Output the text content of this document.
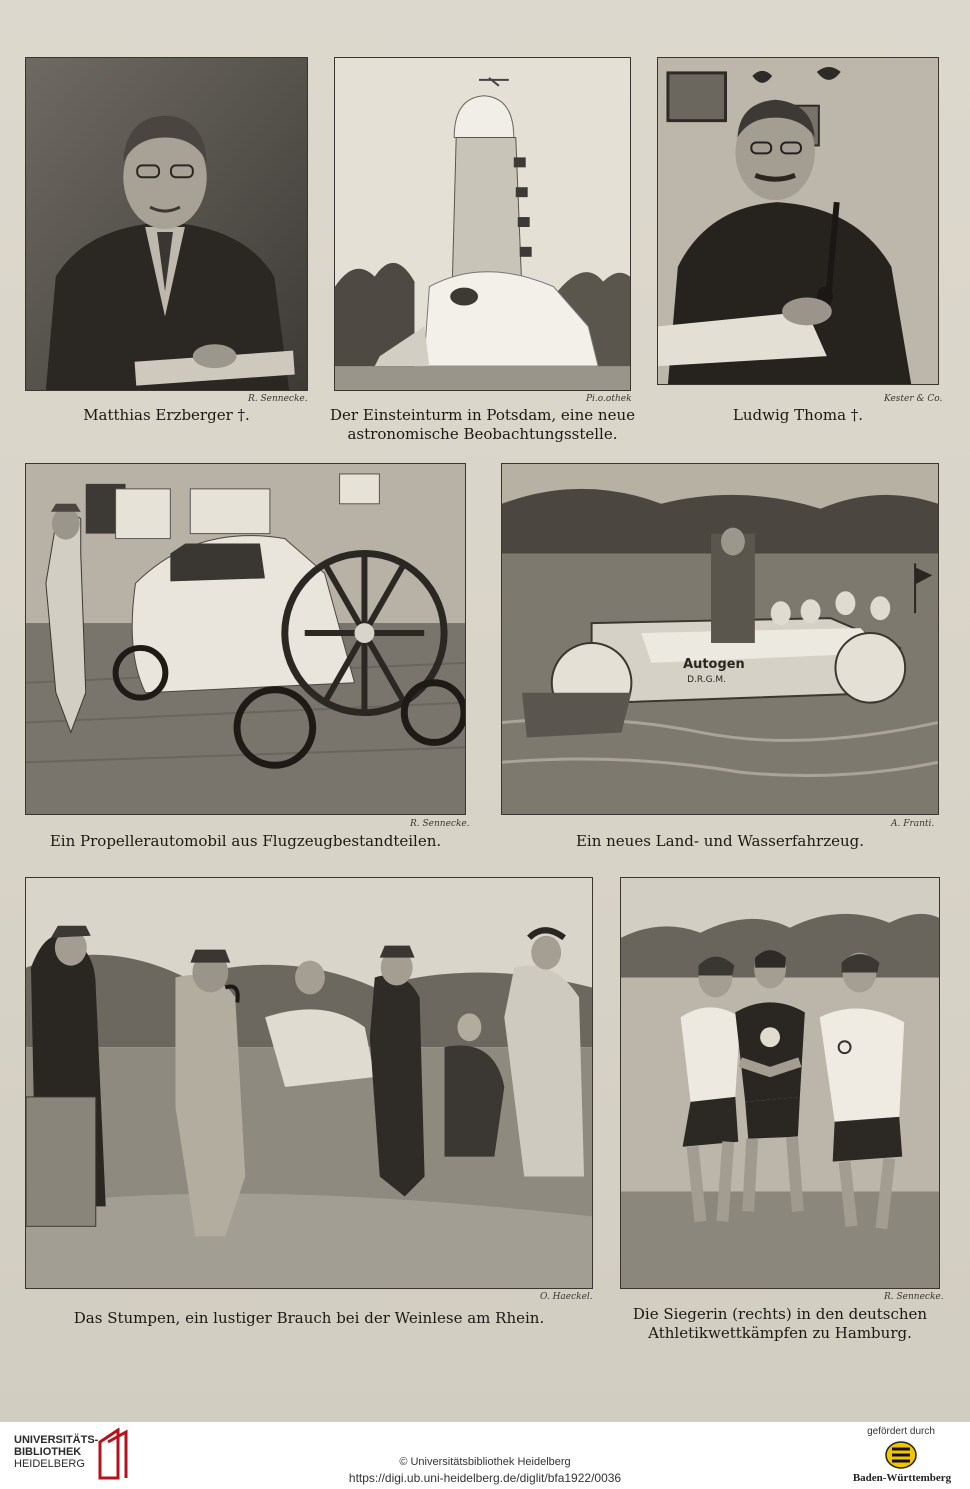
R. Sennecke.
Matthias Erzberger †.
Pi.o.othek
Der Einsteinturm in Potsdam, eine neue
astronomische Beobachtungsstelle.
Kester & Co.
Ludwig Thoma †.
R. Sennecke.
Ein Propellerautomobil aus Flugzeugbestandteilen.
Autogen
D.R.G.M.
A. Franti.
Ein neues Land- und Wasserfahrzeug.
O. Haeckel.
Das Stumpen, ein lustiger Brauch bei der Weinlese am Rhein.
R. Sennecke.
Die Siegerin (rechts) in den deutschen
Athletikwettkämpfen zu Hamburg.
UNIVERSITÄTS-
BIBLIOTHEK
HEIDELBERG	© Universitätsbibliothek Heidelberg
https://digi.ub.uni-heidelberg.de/diglit/bfa1922/0036
gefördert durch
Baden-Württemberg
